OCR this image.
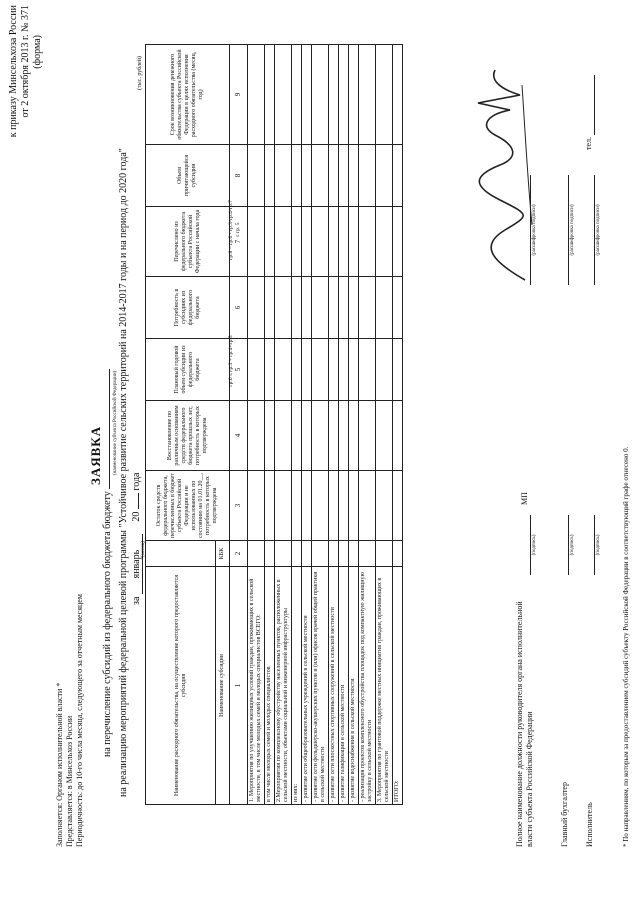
к приказу Минсельхоза России от 2 октября 2013 г. № 371 (форма)
Заполняется: Органом исполнительной власти * Представляется: в Минсельхоз России Периодичность: до 10-го числа месяца, следующего за отчетным месяцем
ЗАЯВКА
на перечисление субсидий из федерального бюджета бюджету
(наименование субъекта Российской Федерации) на реализацию мероприятий федеральной целевой программы "Устойчивое развитие сельских территорий на 2014-2017 годы и на период до 2020 года" за январь 20  года
(месяц)
(тыс. рублей)
Наименование расходного обязательства, на осуществление которого предоставляется субсидия		Остаток средств федерального бюджета, перечисленных в бюджет субъекта Российской Федерации и не использованных по состоянию на 01.01.20__, потребность в которых подтверждена	Восстановление по различным основаниям средств федерального бюджета прошлых лет, потребность в которых подтверждена	Плановый годовой объем субсидии из федерального бюджета	Потребность в субсидиях из федерального бюджета	Перечислено из федерального бюджета субъекта Российской Федерации с начала года	Объем причитающейся субсидии	Срок возникновения денежного обязательства субъекта Российской Федерации в целях исполнения расходного обязательства (месяц, год)
Наименование субсидии	КБК							
1	2	3	4	5	6	7	8	9
1. Мероприятия по улучшению жилищных условий граждан, проживающих в сельской местности, в том числе молодых семей и молодых специалистов ВСЕГО:								
в том числе молодых семей и молодых специалистов								
2.Мероприятия по комплексному обустройству населенных пунктов, расположенных в сельской местности, объектами социальной и инженерной инфраструктуры								
из них:								
- развитие сети общеобразовательных учреждений в сельской местности								
- развитие сети фельдшерско-акушерских пунктов и (или) офисов врачей общей практики в сельской местности								
- развитие сети плоскостных спортивных сооружений в сельской местности								
- развитие газификации в сельской местности								
- развитие водоснабжения в сельской местности								
- реализация проектов комплексного обустройства площадок под компактную жилищную застройку в сельской местности								
3. Мероприятия по грантовой поддержке местных инициатив граждан, проживающих в сельской местности								
ИТОГО:								
гр.8 = гр.6 - гр.3-гр.4-гр.7 ≤ гр. 5
гр.6 ≤ гр.3 + гр.4+гр.5
Полное наименование должности руководителя органа исполнительной власти субъекта Российской Федерации
(подпись)
МП
(расшифровка подписи)
Главный бухгалтер
(подпись)
(расшифровка подписи)
Исполнитель
(подпись)
(расшифровка подписи)
тел.
* По направлениям, по которым за предоставлением субсидий субъекту Российской Федерации в соответствующий графе отнесено 0.
